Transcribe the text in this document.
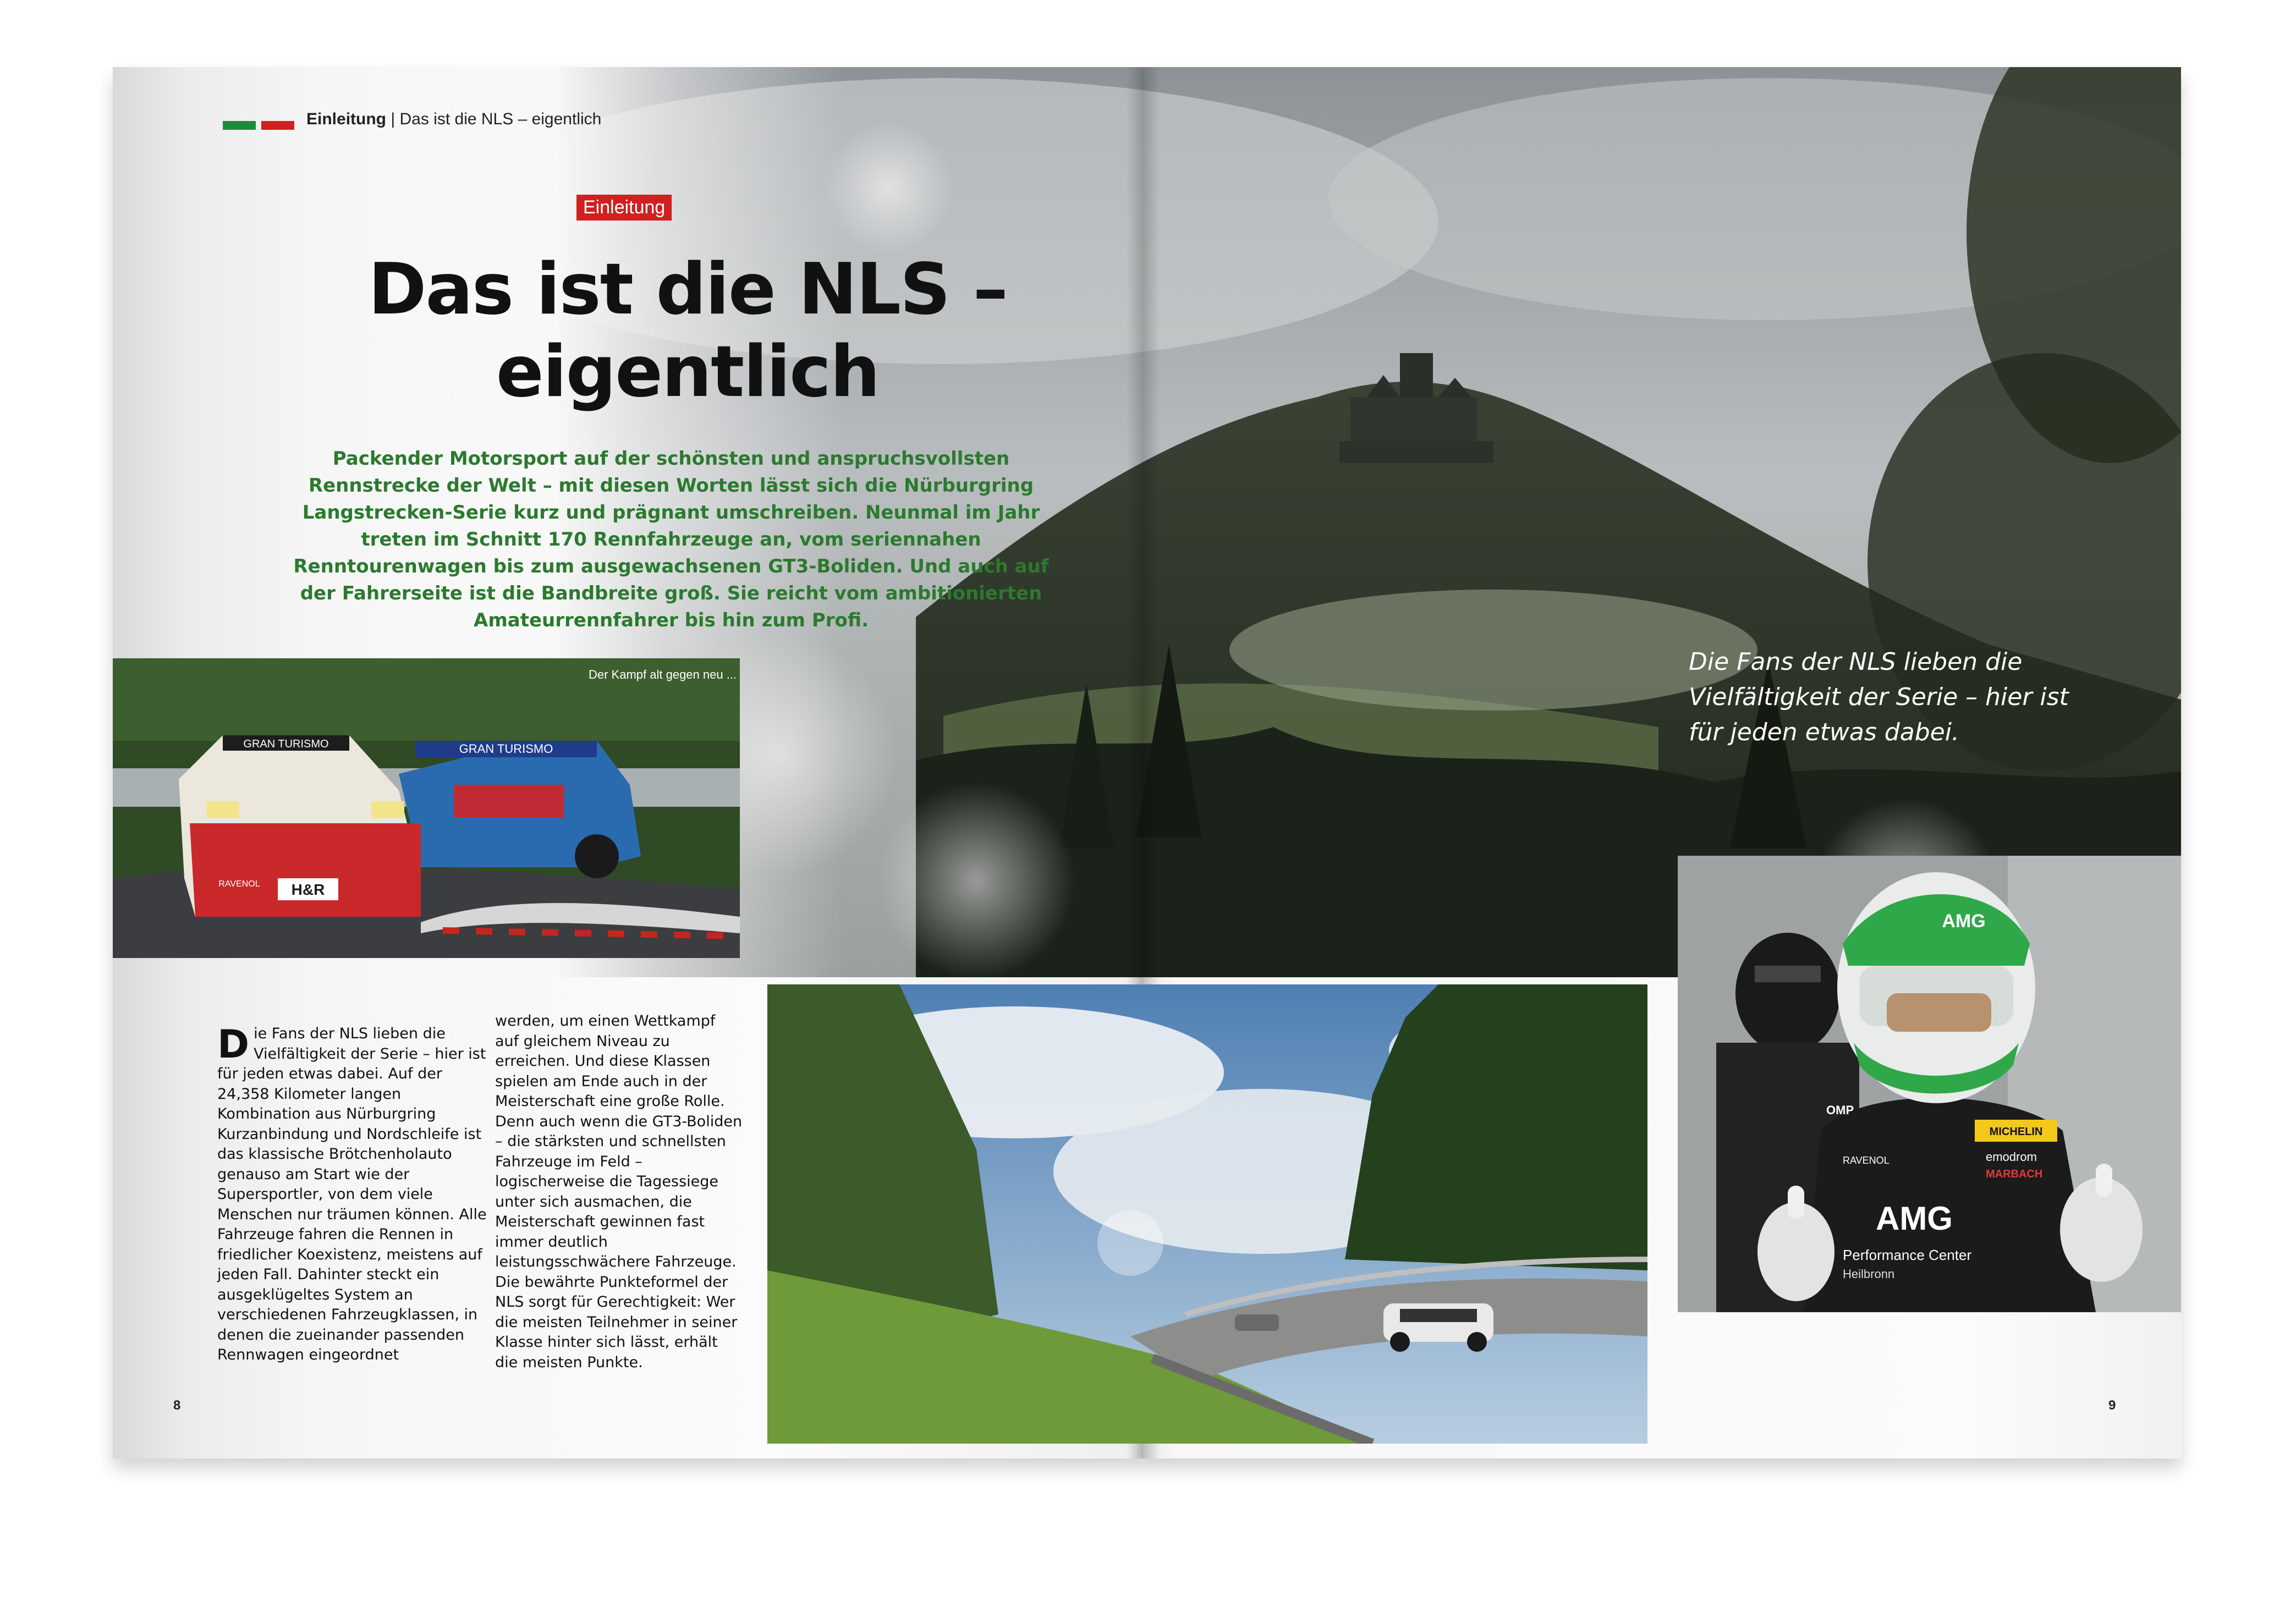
Einleitung | Das ist die NLS – eigentlich
Einleitung
Das ist die NLS –
eigentlich
Packender Motorsport auf der schönsten und anspruchsvollsten Rennstrecke der Welt – mit diesen Worten lässt sich die Nürburgring Langstrecken-Serie kurz und prägnant umschreiben. Neunmal im Jahr treten im Schnitt 170 Rennfahrzeuge an, vom seriennahen Renntourenwagen bis zum ausgewachsenen GT3-Boliden. Und auch auf der Fahrerseite ist die Bandbreite groß. Sie reicht vom ambitionierten Amateurrennfahrer bis hin zum Profi.
GRAN TURISMO
GRAN TURISMO
H&R
RAVENOL
Der Kampf alt gegen neu ...
Die Fans der NLS lieben die Vielfältigkeit der Serie – hier ist für jeden etwas dabei. Auf der 24,358 Kilometer langen Kombination aus Nürburgring Kurzanbindung und Nordschleife ist das klassische Brötchenholauto genauso am Start wie der Supersportler, von dem viele Menschen nur träumen können. Alle Fahrzeuge fahren die Rennen in friedlicher Koexistenz, meistens auf jeden Fall. Dahinter steckt ein ausgeklügeltes System an verschiedenen Fahrzeugklassen, in denen die zueinander passenden Rennwagen eingeordnet
werden, um einen Wettkampf auf gleichem Niveau zu erreichen. Und diese Klassen spielen am Ende auch in der Meisterschaft eine große Rolle. Denn auch wenn die GT3-Boliden – die stärksten und schnellsten Fahrzeuge im Feld – logischerweise die Tagessiege unter sich ausmachen, die Meisterschaft gewinnen fast immer deutlich leistungsschwächere Fahrzeuge. Die bewährte Punkteformel der NLS sorgt für Gerechtigkeit: Wer die meisten Teilnehmer in seiner Klasse hinter sich lässt, erhält die meisten Punkte.
8	9
AMG
MICHELIN
OMP
emodrom
MARBACH
RAVENOL
AMG
Performance Center
Heilbronn
Die Fans der NLS lieben die Vielfältigkeit der Serie – hier ist für jeden etwas dabei.
